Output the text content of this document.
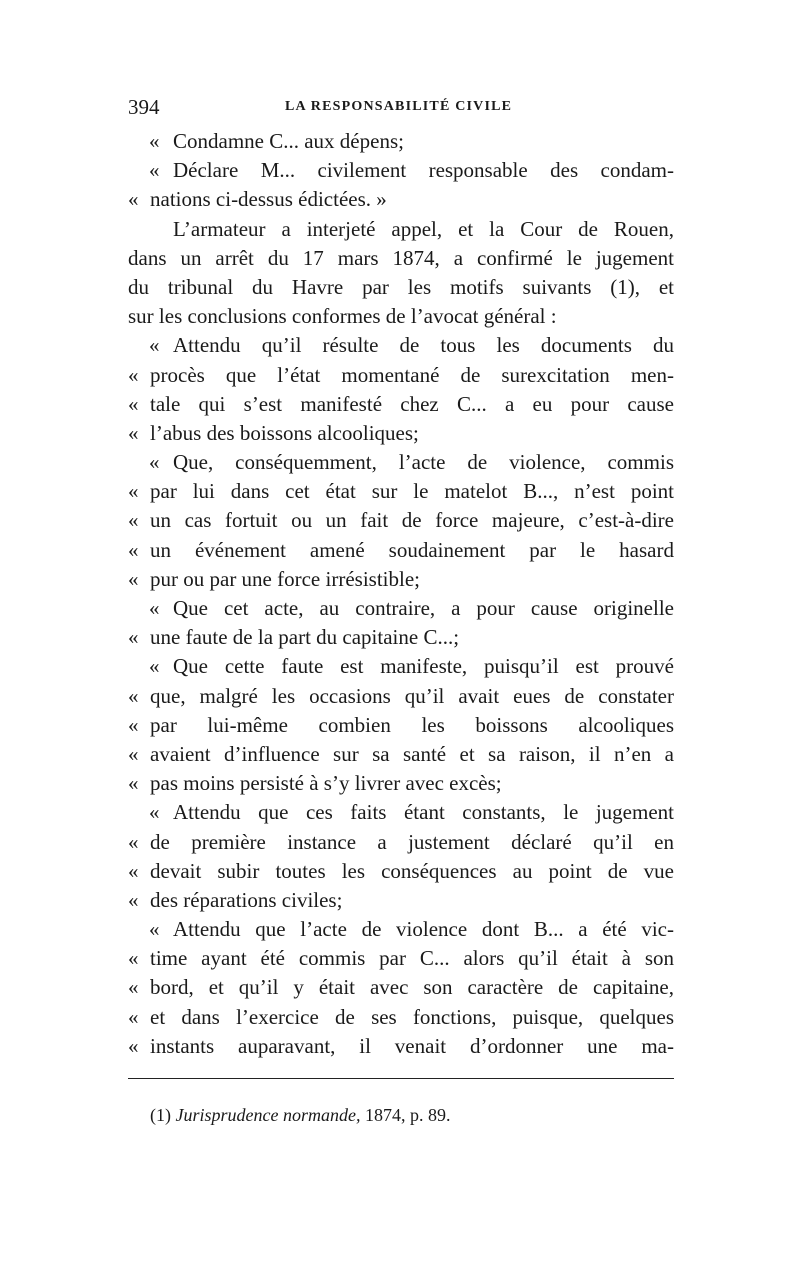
394	LA RESPONSABILITÉ CIVILE
« Condamne C... aux dépens;
« Déclare M... civilement responsable des condam-
« nations ci-dessus édictées. »
L’armateur a interjeté appel, et la Cour de Rouen,
dans un arrêt du 17 mars 1874, a confirmé le jugement
du tribunal du Havre par les motifs suivants (1), et
sur les conclusions conformes de l’avocat général :
« Attendu qu’il résulte de tous les documents du
« procès que l’état momentané de surexcitation men-
« tale qui s’est manifesté chez C... a eu pour cause
« l’abus des boissons alcooliques;
« Que, conséquemment, l’acte de violence, commis
« par lui dans cet état sur le matelot B..., n’est point
« un cas fortuit ou un fait de force majeure, c’est-à-dire
« un événement amené soudainement par le hasard
« pur ou par une force irrésistible;
« Que cet acte, au contraire, a pour cause originelle
« une faute de la part du capitaine C...;
« Que cette faute est manifeste, puisqu’il est prouvé
« que, malgré les occasions qu’il avait eues de constater
« par lui-même combien les boissons alcooliques
« avaient d’influence sur sa santé et sa raison, il n’en a
« pas moins persisté à s’y livrer avec excès;
« Attendu que ces faits étant constants, le jugement
« de première instance a justement déclaré qu’il en
« devait subir toutes les conséquences au point de vue
« des réparations civiles;
« Attendu que l’acte de violence dont B... a été vic-
« time ayant été commis par C... alors qu’il était à son
« bord, et qu’il y était avec son caractère de capitaine,
« et dans l’exercice de ses fonctions, puisque, quelques
« instants auparavant, il venait d’ordonner une ma-
(1) Jurisprudence normande, 1874, p. 89.
